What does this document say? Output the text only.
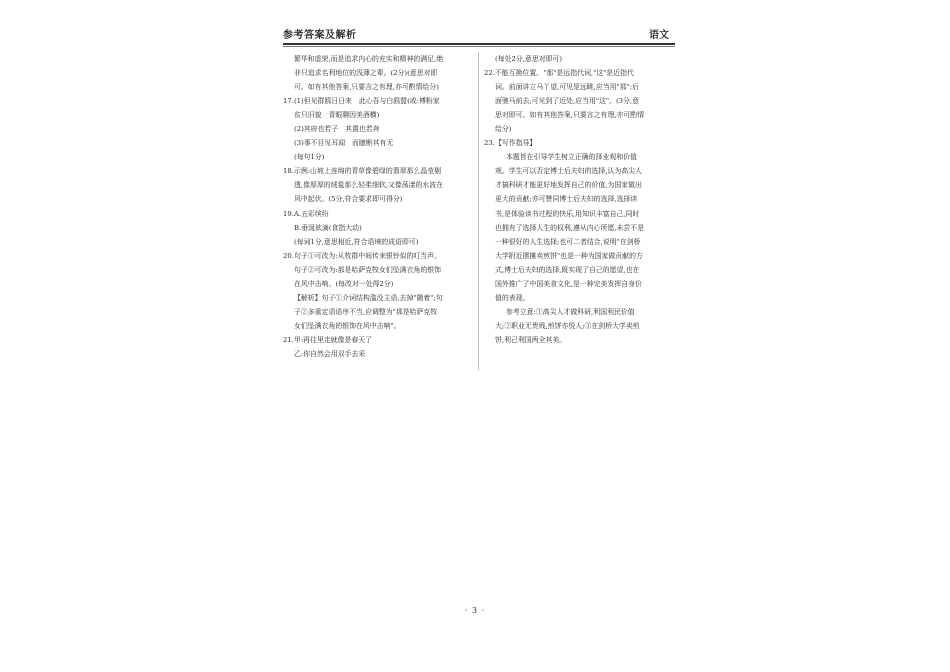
参考答案及解析	语文
繁华和虚荣,而是追求内心的充实和精神的满足,绝
非只追求名利地位的浅薄之辈。(2分)(意思对即
可。如有其他答案,只要言之有理,亦可酌情给分)
17.(1)但见群鸥日日来　此心吾与白鸥盟(或:傅粉家
贫只旧貌　青眼聊因美酒横)
(2)其府也若子　其置也若奔
(3)事不目见耳闻　而臆断其有无
(每句1分)
18.示例:山坡上连绵的青草像碧绿的翡翠那么晶莹剔
透,像厚厚的绒毯那么轻柔细软,又像荡漾的水波在
风中起伏。(5分,符合要求即可得分)
19.A.五彩缤纷
B.垂涎欲滴(食指大动)
(每词1分,意思相近,符合语境的成语即可)
20.句子①可改为:从牧群中间传来银铃似的叮当声。
句子②可改为:那是哈萨克牧女们坠满衣角的银饰
在风中击响。(每改对一处得2分)
【解析】句子①介词结构滥没主语,去掉"随着";句
子②多重定语语序不当,应调整为"那是哈萨克牧
女们坠满衣角的银饰在风中击响"。
21.甲:再往里走就像是春天了
乙:你自然会用双手去采
(每处2分,意思对即可)
22.不能互换位置。"那"是远指代词,"这"是近指代
词。前面讲立马丫望,可见是远眺,应当用"那";后
面驰马前去,可见到了近处,应当用"这"。(3分,意
思对即可。如有其他答案,只要言之有理,亦可酌情
给分)
23.【写作指导】
本题旨在引导学生树立正确的择业观和价值
观。学生可以否定博士后夫妇的选择,认为高尖人
才搞科研才能更好地发挥自己的价值,为国家做出
更大的贡献;亦可赞同博士后夫妇的选择,选择读
书,是体验读书过程的快乐,用知识丰富自己,同时
也拥有了选择人生的权利,遵从内心所愿,未尝不是
一种很好的人生选择;也可二者结合,说明"在剑桥
大学附近摆摊卖煎饼"也是一种为国家做贡献的方
式,博士后夫妇的选择,既实现了自己的愿望,也在
国外推广了中国美食文化,是一种完美发挥自身价
值的表现。
参考立意:①高尖人才做科研,利国利民价值
大;②职业无贵贱,煎饼亦悦人;③在剑桥大学卖煎
饼,利己利国两全其美。
· 3 ·
